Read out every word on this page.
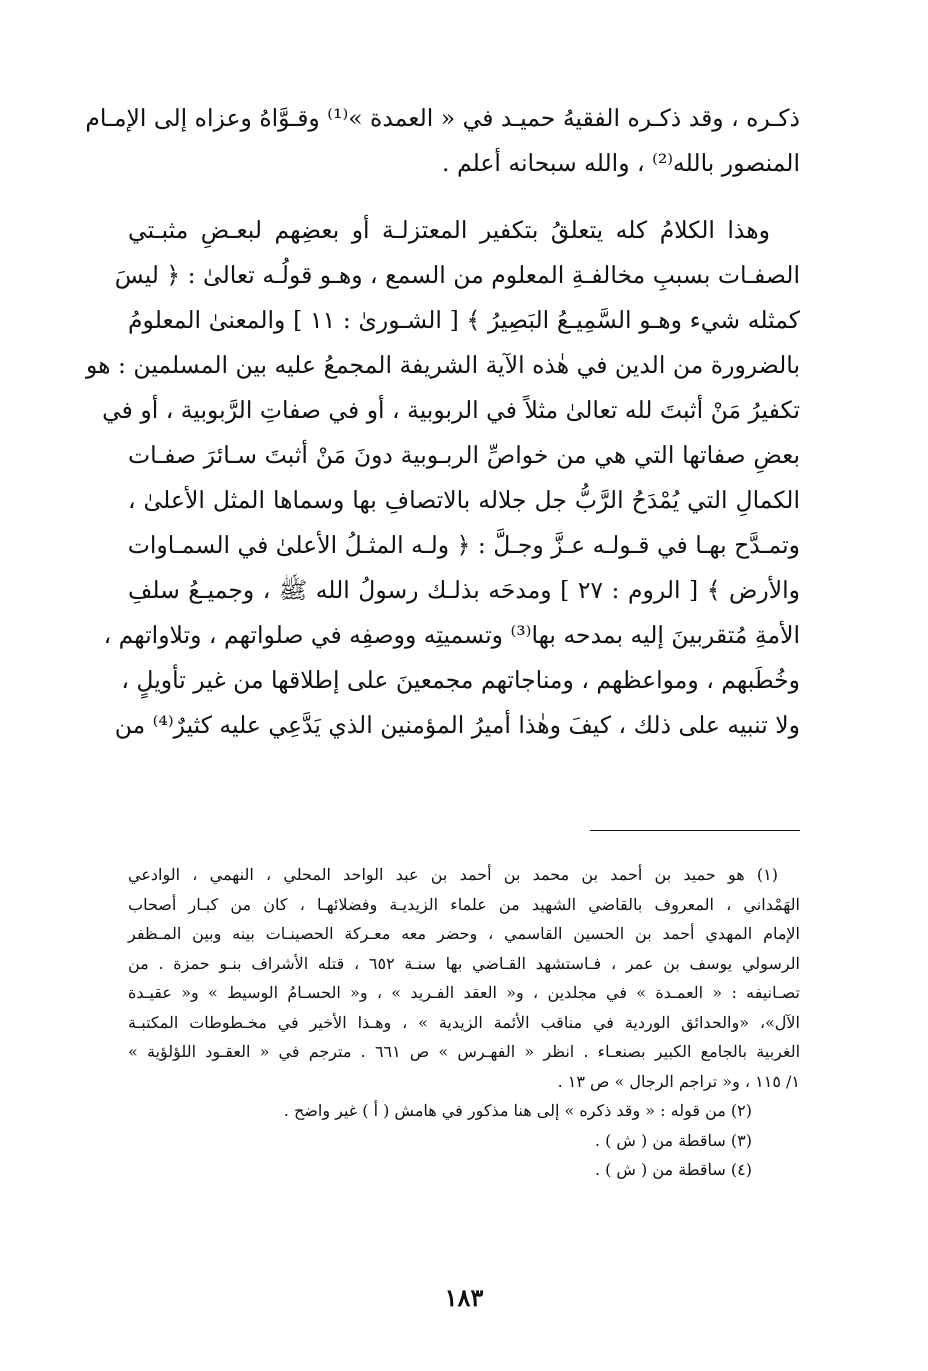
ذكـره ، وقد ذكـره الفقيهُ حميـد في « العمدة »⁽¹⁾ وقـوَّاهُ وعزاه إلى الإمـام
المنصور بالله⁽²⁾ ، والله سبحانه أعلم .
وهذا الكلامُ كله يتعلقُ بتكفير المعتزلـة أو بعضِهم لبعـضِ مثبـتي
الصفـات بسببِ مخالفـةِ المعلوم من السمع ، وهـو قولُـه تعالىٰ : ﴿ ليسَ
كمثله شيء وهـو السَّمِيـعُ البَصِيرُ ﴾ [ الشـورىٰ : ١١ ] والمعنىٰ المعلومُ
بالضرورة من الدين في هٰذه الآية الشريفة المجمعُ عليه بين المسلمين : هو
تكفيرُ مَنْ أثبتَ لله تعالىٰ مثلاً في الربوبية ، أو في صفاتِ الرَّبوبية ، أو في
بعضِ صفاتها التي هي من خواصِّ الربـوبية دونَ مَنْ أثبتَ سـائرَ صفـات
الكمالِ التي يُمْدَحُ الرَّبُّ جل جلاله بالاتصافِ بها وسماها المثل الأعلىٰ ،
وتمـدَّح بهـا في قـولـه عـزَّ وجـلَّ : ﴿ ولـه المثـلُ الأعلىٰ في السمـاوات
والأرض ﴾ [ الروم : ٢٧ ] ومدحَه بذلـك رسولُ الله ﷺ ، وجميـعُ سلفِ
الأمةِ مُتقربينَ إليه بمدحه بها⁽³⁾ وتسميتِه ووصفِه في صلواتهم ، وتلاواتهم ،
وخُطَبهم ، ومواعظهم ، ومناجاتهم مجمعينَ على إطلاقها من غير تأويلٍ ،
ولا تنبيه على ذلك ، كيفَ وهٰذا أميرُ المؤمنين الذي يَدَّعِي عليه كثيرٌ⁽⁴⁾ من
(١) هو حميد بن أحمد بن محمد بن أحمد بن عبد الواحد المحلي ، النهمي ، الوادعي
الهَمْداني ، المعروف بالقاضي الشهيد من علماء الزيديـة وفضلائهـا ، كان من كبـار أصحاب
الإمام المهدي أحمد بن الحسين القاسمي ، وحضر معه معـركة الحصينـات بينه وبين المـظفر
الرسولي يوسف بن عمر ، فـاستشهد القـاضي بها سنـة ٦٥٢ ، قتله الأشراف بنـو حمزة . من
تصـانيفه : « العمـدة » في مجلدين ، و« العقد الفـريد » ، و« الحسـامُ الوسيط » و« عقيـدة
الآل»، «والحدائق الوردية في مناقب الأئمة الزيدية » ، وهـذا الأخير في مخـطوطات المكتبـة
الغربية بالجامع الكبير بصنعـاء . انظر « الفهـرس » ص ٦٦١ . مترجم في « العقـود اللؤلؤية »
١/ ١١٥ ، و« تراجم الرجال » ص ١٣ .
(٢) من قوله : « وقد ذكره » إلى هنا مذكور في هامش ( أ ) غير واضح .
(٣) ساقطة من ( ش ) .
(٤) ساقطة من ( ش ) .
١٨٣
